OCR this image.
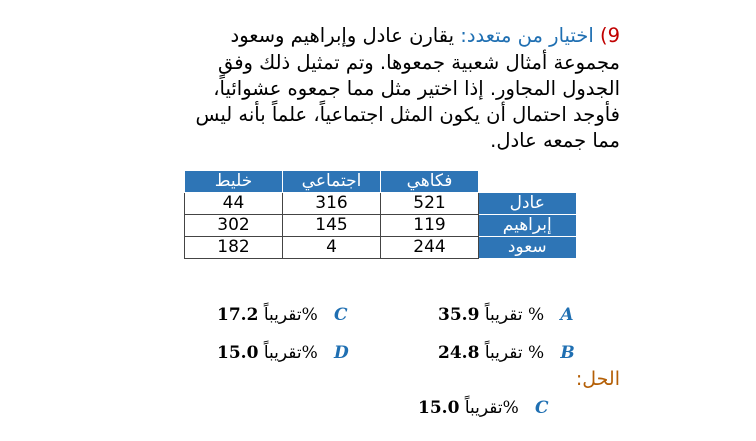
9) اختيار من متعدد: يقارن عادل وإبراهيم وسعود
مجموعة أمثال شعبية جمعوها. وتم تمثيل ذلك وفق
الجدول المجاور. إذا اختير مثل مما جمعوه عشوائياً،
فأوجد احتمال أن يكون المثل اجتماعياً، علماً بأنه ليس
مما جمعه عادل.
خليط	اجتماعي	فكاهي	
44	316	521	عادل
302	145	119	إبراهيم
182	4	244	سعود
تقريباً 35.9	% A
تقريباً 24.8	% B
تقريباً 17.2	% C
تقريباً 15.0	% D
الحل:
تقريباً 15.0	% C
